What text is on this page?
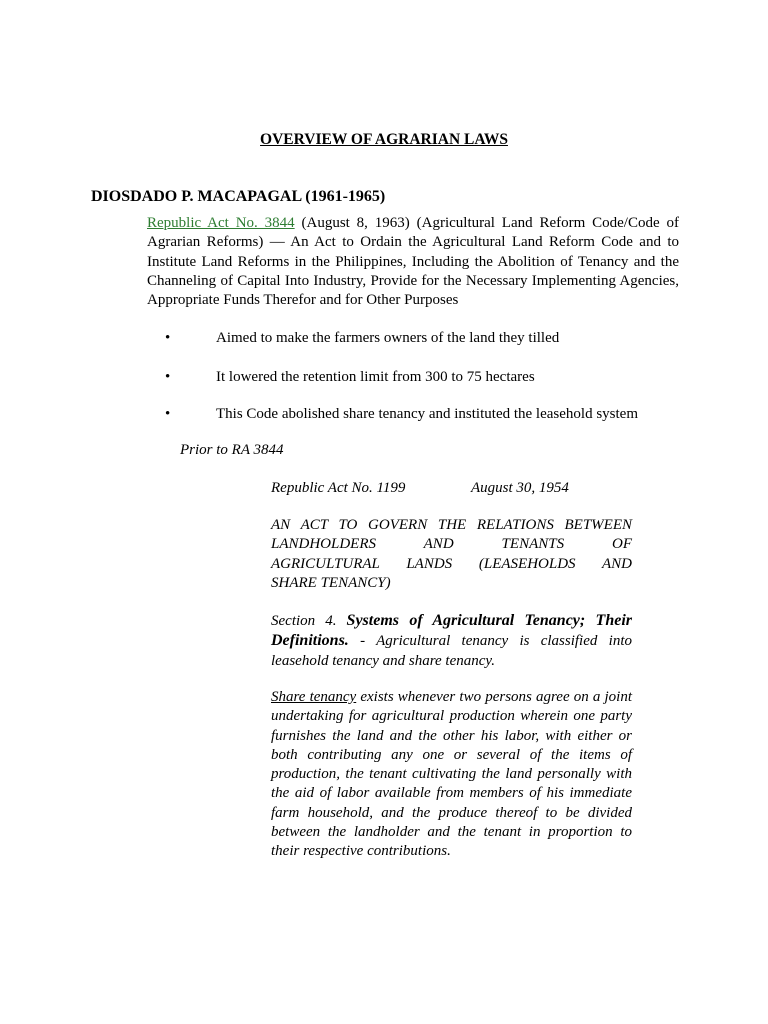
OVERVIEW OF AGRARIAN LAWS
DIOSDADO P. MACAPAGAL (1961-1965)
Republic Act No. 3844 (August 8, 1963) (Agricultural Land Reform Code/Code of Agrarian Reforms) — An Act to Ordain the Agricultural Land Reform Code and to Institute Land Reforms in the Philippines, Including the Abolition of Tenancy and the Channeling of Capital Into Industry, Provide for the Necessary Implementing Agencies, Appropriate Funds Therefor and for Other Purposes
•	Aimed to make the farmers owners of the land they tilled
•	It lowered the retention limit from 300 to 75 hectares
•	This Code abolished share tenancy and instituted the leasehold system
Prior to RA 3844
Republic Act No. 1199	August 30, 1954
AN ACT TO GOVERN THE RELATIONS BETWEEN
LANDHOLDERS AND TENANTS OF
AGRICULTURAL LANDS (LEASEHOLDS AND
SHARE TENANCY)
Section 4. Systems of Agricultural Tenancy; Their Definitions. - Agricultural tenancy is classified into leasehold tenancy and share tenancy.
Share tenancy exists whenever two persons agree on a joint undertaking for agricultural production wherein one party furnishes the land and the other his labor, with either or both contributing any one or several of the items of production, the tenant cultivating the land personally with the aid of labor available from members of his immediate farm household, and the produce thereof to be divided between the landholder and the tenant in proportion to their respective contributions.
